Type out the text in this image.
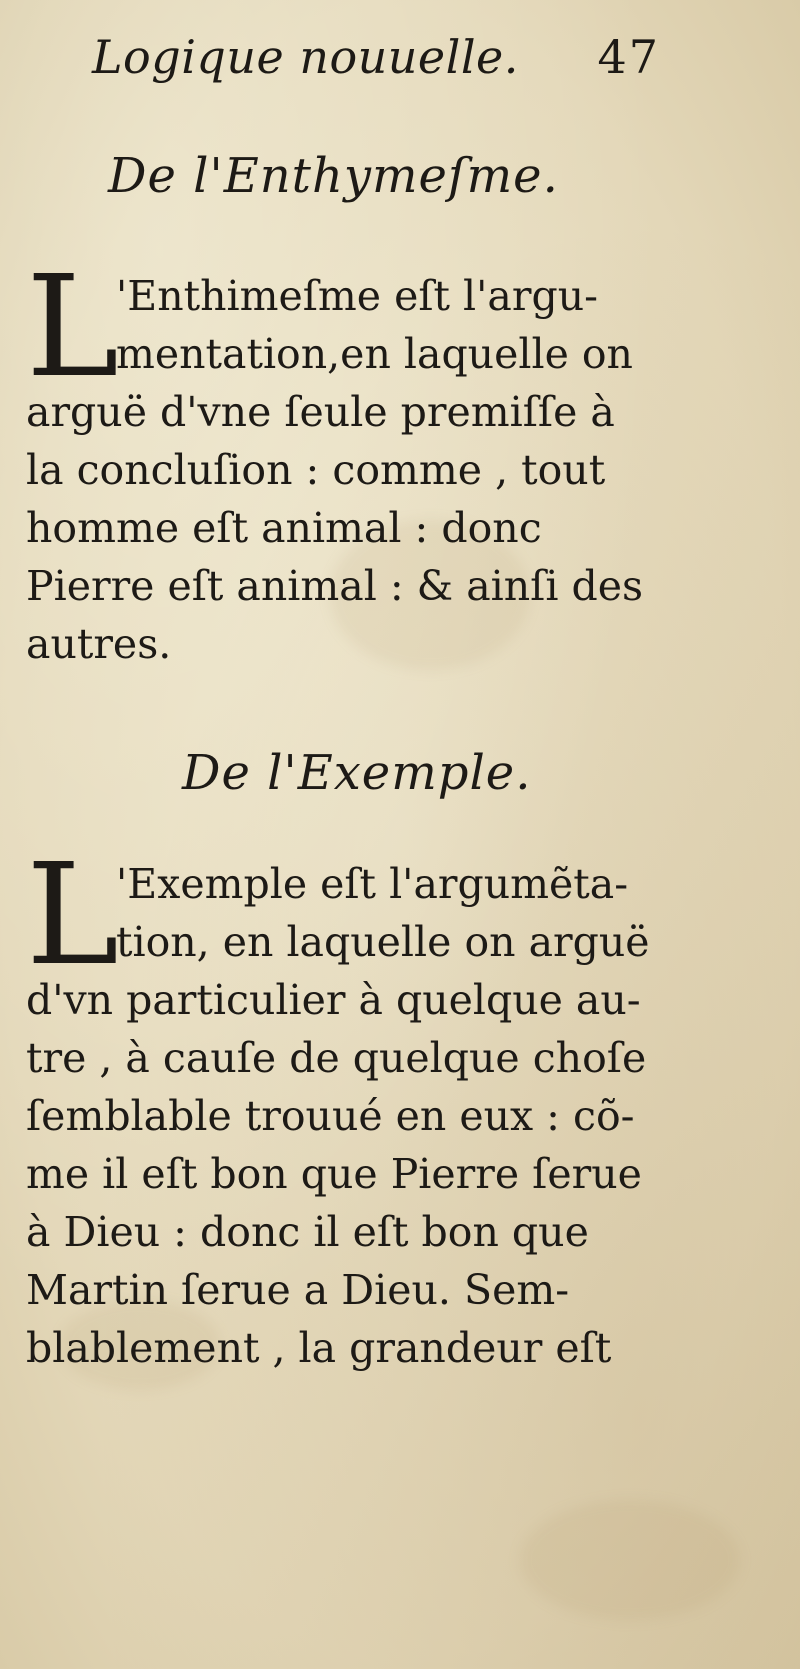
Logique nouuelle. 47
De l'Enthymeſme.
L
'Enthimeſme eſt l'argu-
mentation,en laquelle on
arguë d'vne ſeule premiſſe à
la concluſion : comme , tout
homme eſt animal : donc
Pierre eſt animal : & ainſi des
autres.
De l'Exemple.
L
'Exemple eſt l'argumẽta-
tion, en laquelle on arguë
d'vn particulier à quelque au-
tre , à cauſe de quelque choſe
ſemblable trouué en eux : cõ-
me il eſt bon que Pierre ſerue
à Dieu : donc il eſt bon que
Martin ſerue a Dieu. Sem-
blablement , la grandeur eſt
